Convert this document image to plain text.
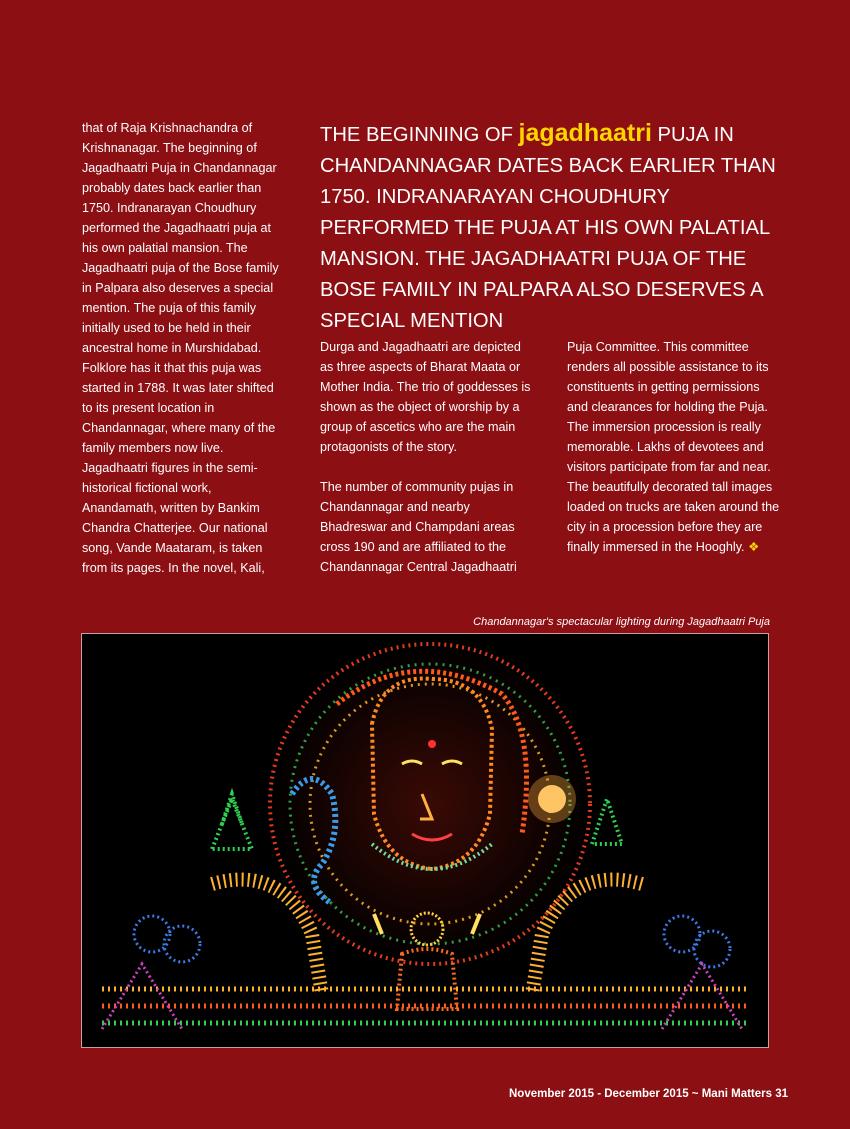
that of Raja Krishnachandra of Krishnanagar. The beginning of Jagadhaatri Puja in Chandannagar probably dates back earlier than 1750. Indranarayan Choudhury performed the Jagadhaatri puja at his own palatial mansion. The Jagadhaatri puja of the Bose family in Palpara also deserves a special mention. The puja of this family initially used to be held in their ancestral home in Murshidabad. Folklore has it that this puja was started in 1788. It was later shifted to its present location in Chandannagar, where many of the family members now live. Jagadhaatri figures in the semi-historical fictional work, Anandamath, written by Bankim Chandra Chatterjee. Our national song, Vande Maataram, is taken from its pages. In the novel, Kali,

THE BEGINNING OF jagadhaatri PUJA IN CHANDANNAGAR DATES BACK EARLIER THAN 1750. INDRANARAYAN CHOUDHURY PERFORMED THE PUJA AT HIS OWN PALATIAL MANSION. THE JAGADHAATRI PUJA OF THE BOSE FAMILY IN PALPARA ALSO DESERVES A SPECIAL MENTION

Durga and Jagadhaatri are depicted as three aspects of Bharat Maata or Mother India. The trio of goddesses is shown as the object of worship by a group of ascetics who are the main protagonists of the story.

The number of community pujas in Chandannagar and nearby Bhadreswar and Champdani areas cross 190 and are affiliated to the Chandannagar Central Jagadhaatri

Puja Committee. This committee renders all possible assistance to its constituents in getting permissions and clearances for holding the Puja. The immersion procession is really memorable. Lakhs of devotees and visitors participate from far and near. The beautifully decorated tall images loaded on trucks are taken around the city in a procession before they are finally immersed in the Hooghly. ❖

Chandannagar's spectacular lighting during Jagadhaatri Puja
November 2015 - December 2015 ~ Mani Matters 31
